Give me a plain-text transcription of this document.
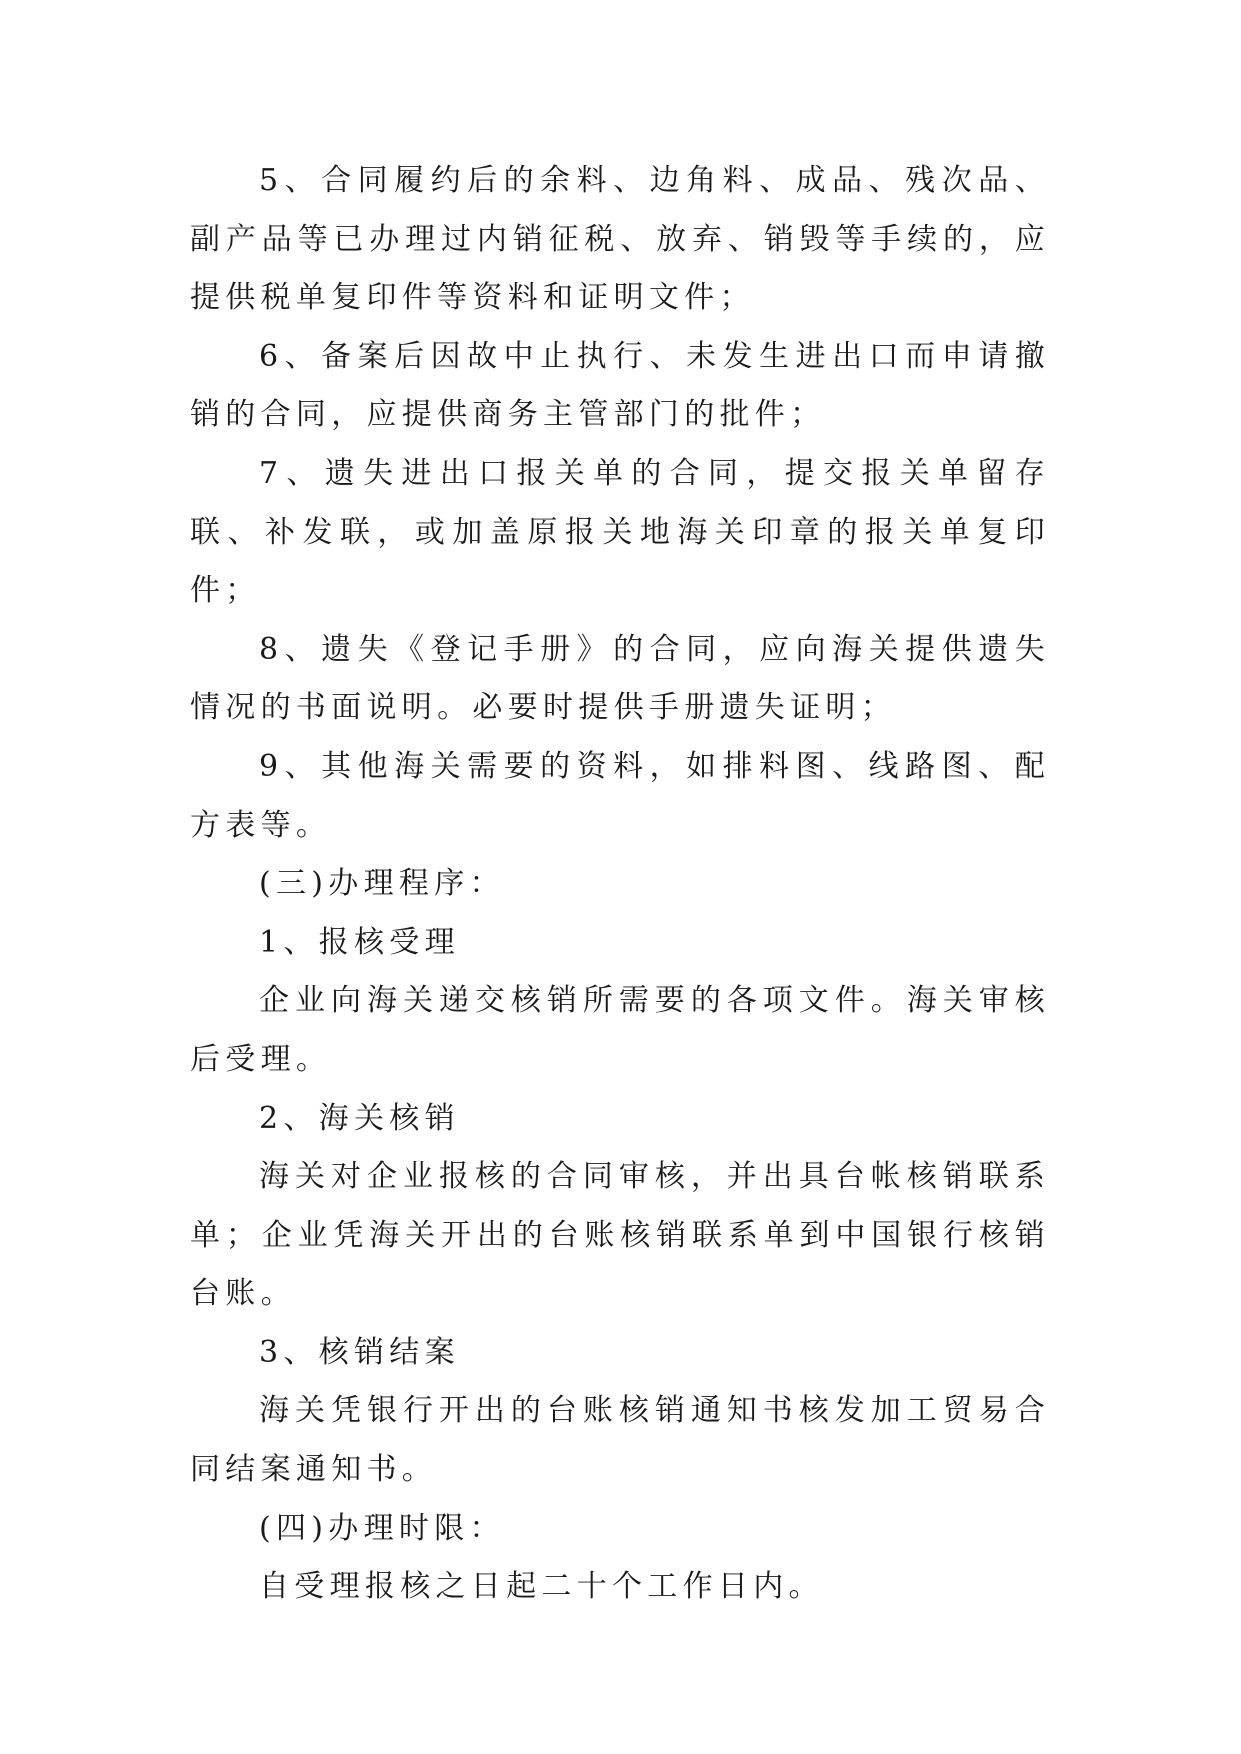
5、合同履约后的余料、边角料、成品、残次品、副产品等已办理过内销征税、放弃、销毁等手续的，应提供税单复印件等资料和证明文件；

6、备案后因故中止执行、未发生进出口而申请撤销的合同，应提供商务主管部门的批件；

7、遗失进出口报关单的合同，提交报关单留存联、补发联，或加盖原报关地海关印章的报关单复印件；

8、遗失《登记手册》的合同，应向海关提供遗失情况的书面说明。必要时提供手册遗失证明；

9、其他海关需要的资料，如排料图、线路图、配方表等。

(三)办理程序：

1、报核受理

企业向海关递交核销所需要的各项文件。海关审核后受理。

2、海关核销

海关对企业报核的合同审核，并出具台帐核销联系单；企业凭海关开出的台账核销联系单到中国银行核销台账。

3、核销结案

海关凭银行开出的台账核销通知书核发加工贸易合同结案通知书。

(四)办理时限：

自受理报核之日起二十个工作日内。
